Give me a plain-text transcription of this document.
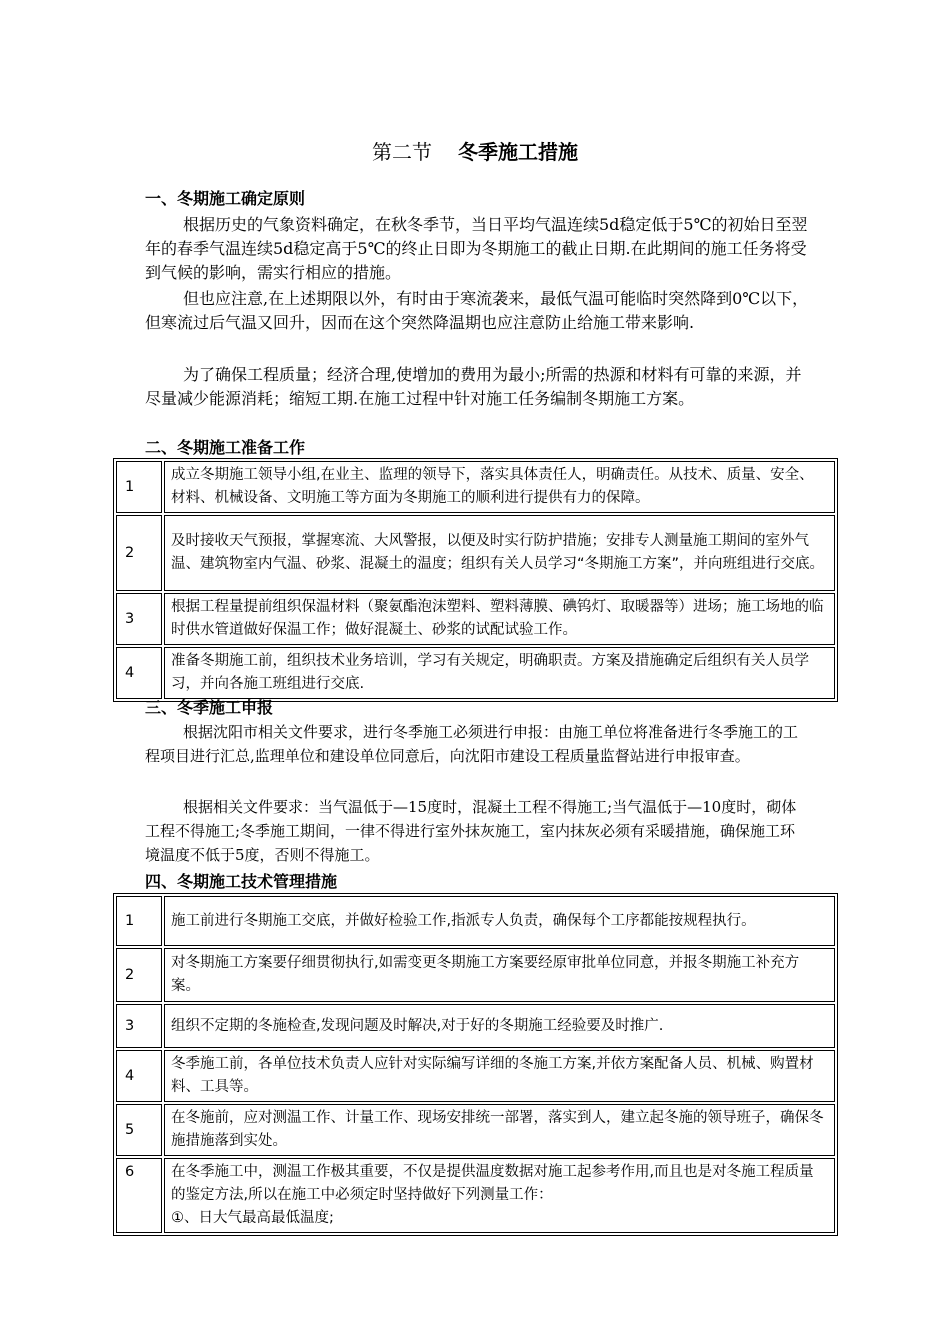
第二节 冬季施工措施
一、冬期施工确定原则
根据历史的气象资料确定，在秋冬季节，当日平均气温连续5d稳定低于5℃的初始日至翌年的春季气温连续5d稳定高于5℃的终止日即为冬期施工的截止日期.在此期间的施工任务将受到气候的影响，需实行相应的措施。
但也应注意,在上述期限以外，有时由于寒流袭来，最低气温可能临时突然降到0℃以下，但寒流过后气温又回升，因而在这个突然降温期也应注意防止给施工带来影响.
为了确保工程质量；经济合理,使增加的费用为最小;所需的热源和材料有可靠的来源，并尽量减少能源消耗；缩短工期.在施工过程中针对施工任务编制冬期施工方案。
二、冬期施工准备工作
1	成立冬期施工领导小组,在业主、监理的领导下，落实具体责任人，明确责任。从技术、质量、安全、材料、机械设备、文明施工等方面为冬期施工的顺利进行提供有力的保障。
2	及时接收天气预报，掌握寒流、大风警报，以便及时实行防护措施；安排专人测量施工期间的室外气温、建筑物室内气温、砂浆、混凝土的温度；组织有关人员学习“冬期施工方案”，并向班组进行交底。
3	根据工程量提前组织保温材料（聚氨酯泡沫塑料、塑料薄膜、碘钨灯、取暖器等）进场；施工场地的临时供水管道做好保温工作；做好混凝土、砂浆的试配试验工作。
4	准备冬期施工前，组织技术业务培训，学习有关规定，明确职责。方案及措施确定后组织有关人员学习，并向各施工班组进行交底.
三、冬季施工申报
根据沈阳市相关文件要求，进行冬季施工必须进行申报：由施工单位将准备进行冬季施工的工程项目进行汇总,监理单位和建设单位同意后，向沈阳市建设工程质量监督站进行申报审查。
根据相关文件要求：当气温低于—15度时，混凝土工程不得施工;当气温低于—10度时，砌体工程不得施工;冬季施工期间，一律不得进行室外抹灰施工，室内抹灰必须有采暖措施，确保施工环境温度不低于5度，否则不得施工。
四、冬期施工技术管理措施
1	施工前进行冬期施工交底，并做好检验工作,指派专人负责，确保每个工序都能按规程执行。
2	对冬期施工方案要仔细贯彻执行,如需变更冬期施工方案要经原审批单位同意，并报冬期施工补充方案。
3	组织不定期的冬施检查,发现问题及时解决,对于好的冬期施工经验要及时推广.
4	冬季施工前，各单位技术负责人应针对实际编写详细的冬施工方案,并依方案配备人员、机械、购置材料、工具等。
5	在冬施前，应对测温工作、计量工作、现场安排统一部署，落实到人，建立起冬施的领导班子，确保冬施措施落到实处。
6	在冬季施工中，测温工作极其重要，不仅是提供温度数据对施工起参考作用,而且也是对冬施工程质量的鉴定方法,所以在施工中必须定时坚持做好下列测量工作：
①、日大气最高最低温度;
